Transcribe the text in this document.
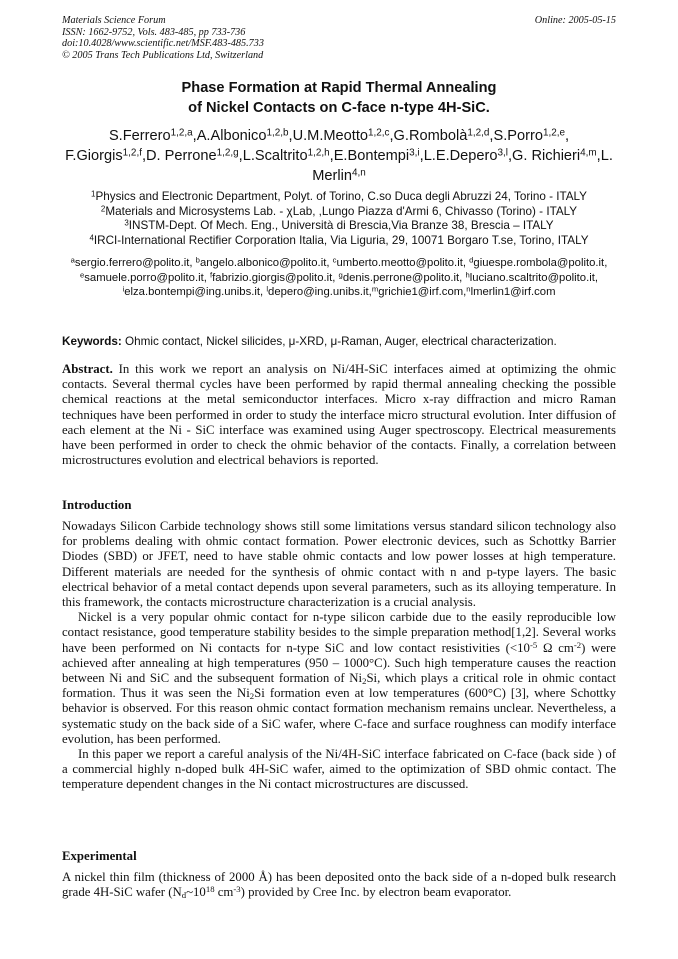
Materials Science Forum
ISSN: 1662-9752, Vols. 483-485, pp 733-736
doi:10.4028/www.scientific.net/MSF.483-485.733
© 2005 Trans Tech Publications Ltd, Switzerland
Online: 2005-05-15
Phase Formation at Rapid Thermal Annealing
of Nickel Contacts on C-face n-type 4H-SiC.
S.Ferrero$^{1,2,a}$,A.Albonico$^{1,2,b}$,U.M.Meotto$^{1,2,c}$,G.Rombolà$^{1,2,d}$,S.Porro$^{1,2,e}$, F.Giorgis$^{1,2,f}$,D. Perrone$^{1,2,g}$,L.Scaltrito$^{1,2,h}$,E.Bontempi$^{3,i}$,L.E.Depero$^{3,l}$,G. Richieri$^{4,m}$,L. Merlin$^{4,n}$
$^1$Physics and Electronic Department, Polyt. of Torino, C.so Duca degli Abruzzi 24, Torino - ITALY
$^2$Materials and Microsystems Lab. - χLab, ,Lungo Piazza d'Armi 6, Chivasso (Torino) - ITALY
$^3$INSTM-Dept. Of Mech. Eng., Università di Brescia,Via Branze 38, Brescia – ITALY
$^4$IRCI-International Rectifier Corporation Italia, Via Liguria, 29, 10071 Borgaro T.se, Torino, ITALY
$^a$sergio.ferrero@polito.it, $^b$angelo.albonico@polito.it, $^c$umberto.meotto@polito.it, $^d$giuespe.rombola@polito.it, $^e$samuele.porro@polito.it, $^f$fabrizio.giorgis@polito.it, $^g$denis.perrone@polito.it, $^h$luciano.scaltrito@polito.it, $^i$elza.bontempi@ing.unibs.it, $^l$depero@ing.unibs.it,$^m$grichie1@irf.com,$^n$lmerlin1@irf.com
Keywords: Ohmic contact, Nickel silicides, μ-XRD, μ-Raman, Auger, electrical characterization.

Abstract. In this work we report an analysis on Ni/4H-SiC interfaces aimed at optimizing the ohmic contacts. Several thermal cycles have been performed by rapid thermal annealing checking the possible chemical reactions at the metal semiconductor interfaces. Micro x-ray diffraction and micro Raman techniques have been performed in order to study the interface micro structural evolution. Inter diffusion of each element at the Ni - SiC interface was examined using Auger spectroscopy. Electrical measurements have been performed in order to check the ohmic behavior of the contacts. Finally, a correlation between microstructures evolution and electrical behaviors is reported.

Introduction

Nowadays Silicon Carbide technology shows still some limitations versus standard silicon technology also for problems dealing with ohmic contact formation. Power electronic devices, such as Schottky Barrier Diodes (SBD) or JFET, need to have stable ohmic contacts and low power losses at high temperature. Different materials are needed for the synthesis of ohmic contact with n and p-type layers. The basic electrical behavior of a metal contact depends upon several parameters, such as its alloying temperature. In this framework, the contacts microstructure characterization is a crucial analysis.

Nickel is a very popular ohmic contact for n-type silicon carbide due to the easily reproducible low contact resistance, good temperature stability besides to the simple preparation method[1,2]. Several works have been performed on Ni contacts for n-type SiC and low contact resistivities ($<10^{-5}$ Ω $cm^{-2}$) were achieved after annealing at high temperatures (950 – 1000°C). Such high temperature causes the reaction between Ni and SiC and the subsequent formation of $Ni_2Si$, which plays a critical role in ohmic contact formation. Thus it was seen the $Ni_2Si$ formation even at low temperatures (600°C) [3], where Schottky behavior is observed. For this reason ohmic contact formation mechanism remains unclear. Nevertheless, a systematic study on the back side of a SiC wafer, where C-face and surface roughness can modify interface evolution, has been performed.

In this paper we report a careful analysis of the Ni/4H-SiC interface fabricated on C-face (back side ) of a commercial highly n-doped bulk 4H-SiC wafer, aimed to the optimization of SBD ohmic contact. The temperature dependent changes in the Ni contact microstructures are discussed.

Experimental

A nickel thin film (thickness of 2000 Å) has been deposited onto the back side of a n-doped bulk research grade 4H-SiC wafer ($N_d\sim 10^{18}$ $cm^{-3}$) provided by Cree Inc. by electron beam evaporator.
